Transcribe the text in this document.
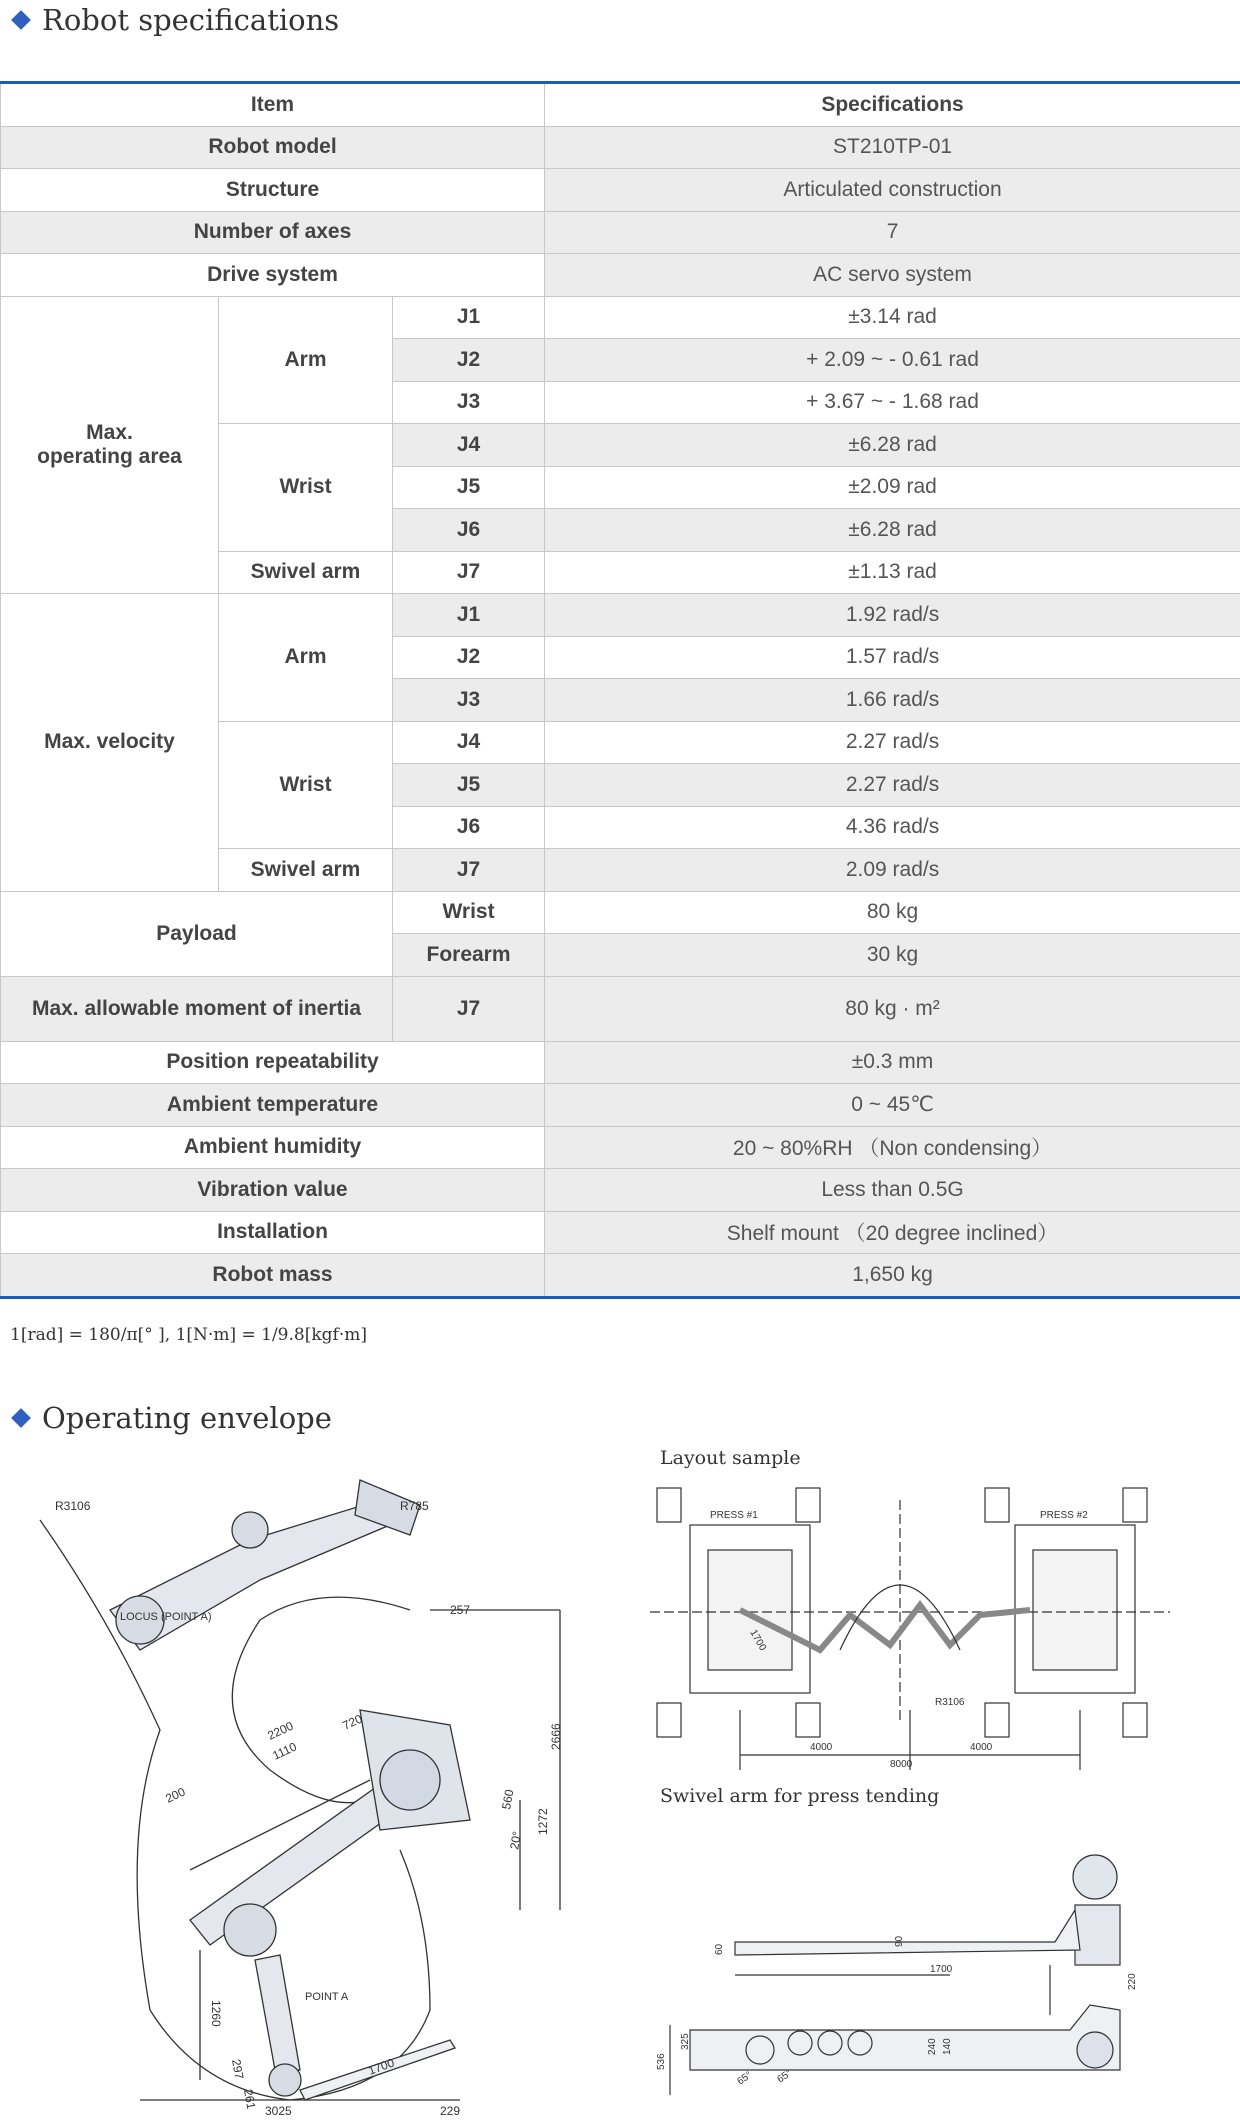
Robot specifications
Item			Specifications
Robot model			ST210TP-01
Structure			Articulated construction
Number of axes			7
Drive system			AC servo system
Max.
operating area	Arm	J1	±3.14 rad
		J2	+ 2.09 ~ - 0.61 rad
		J3	+ 3.67 ~ - 1.68 rad
	Wrist	J4	±6.28 rad
		J5	±2.09 rad
		J6	±6.28 rad
	Swivel arm	J7	±1.13 rad
Max. velocity	Arm	J1	1.92 rad/s
		J2	1.57 rad/s
		J3	1.66 rad/s
	Wrist	J4	2.27 rad/s
		J5	2.27 rad/s
		J6	4.36 rad/s
	Swivel arm	J7	2.09 rad/s
Payload		Wrist	80 kg
		Forearm	30 kg
Max. allowable moment of inertia		J7	80 kg · m²
Position repeatability			±0.3 mm
Ambient temperature			0 ~ 45℃
Ambient humidity			20 ~ 80%RH （Non condensing）
Vibration value			Less than 0.5G
Installation			Shelf mount （20 degree inclined）
Robot mass			1,650 kg
1[rad] = 180/π[° ], 1[N·m] = 1/9.8[kgf·m]
Operating envelope
R3106	R785
LOCUS (POINT A)
POINT A
257
2666
2200	720
1110
200	560
1272
20°
1260
297
261
1700
3025	229
Layout sample
PRESS #1	PRESS #2
R3106
4000
8000
4000
1700
Swivel arm for press tending
60
90
1700
220
536
325	240 140
65° 65°
